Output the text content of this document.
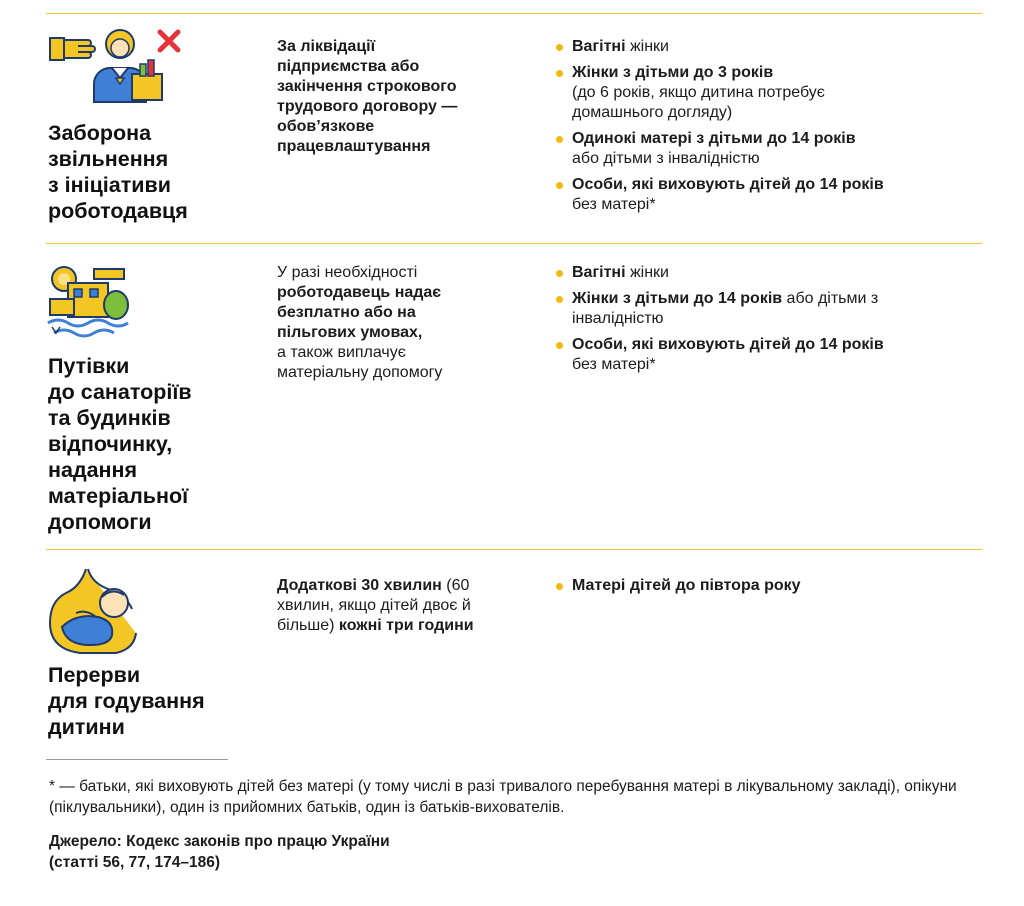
Заборона
звільнення
з ініціативи
роботодавця
За ліквідації
підприємства або
закінчення строкового
трудового договору —
обов’язкове
працевлаштування
Вагітні жінки
Жінки з дітьми до 3 років
(до 6 років, якщо дитина потребує домашнього догляду)
Одинокі матері з дітьми до 14 років
або дітьми з інвалідністю
Особи, які виховують дітей до 14 років
без матері*
Путівки
до санаторіїв
та будинків
відпочинку,
надання
матеріальної
допомоги
У разі необхідності
роботодавець надає
безплатно або на
пільгових умовах,
а також виплачує
матеріальну допомогу
Вагітні жінки
Жінки з дітьми до 14 років або дітьми з інвалідністю
Особи, які виховують дітей до 14 років
без матері*
Перерви
для годування
дитини
Додаткові 30 хвилин (60 хвилин, якщо дітей двоє й більше) кожні три години
Матері дітей до півтора року
* — батьки, які виховують дітей без матері (у тому числі в разі тривалого перебування матері в лікувальному закладі), опікуни (піклувальники), один із прийомних батьків, один із батьків-вихователів.
Джерело: Кодекс законів про працю України
(статті 56, 77, 174–186)
